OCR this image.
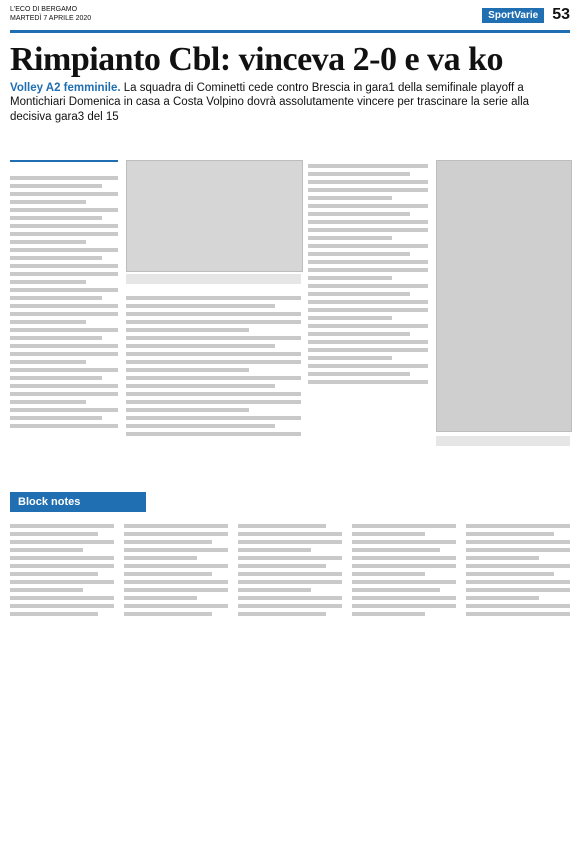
L'ECO DI BERGAMO
MARTEDÌ 7 APRILE 2020	SportVarie 53
Rimpianto Cbl: vinceva 2-0 e va ko
Volley A2 femminile. La squadra di Cominetti cede contro Brescia in gara1 della semifinale playoff a Montichiari Domenica in casa a Costa Volpino dovrà assolutamente vincere per trascinare la serie alla decisiva gara3 del 15
Block notes
